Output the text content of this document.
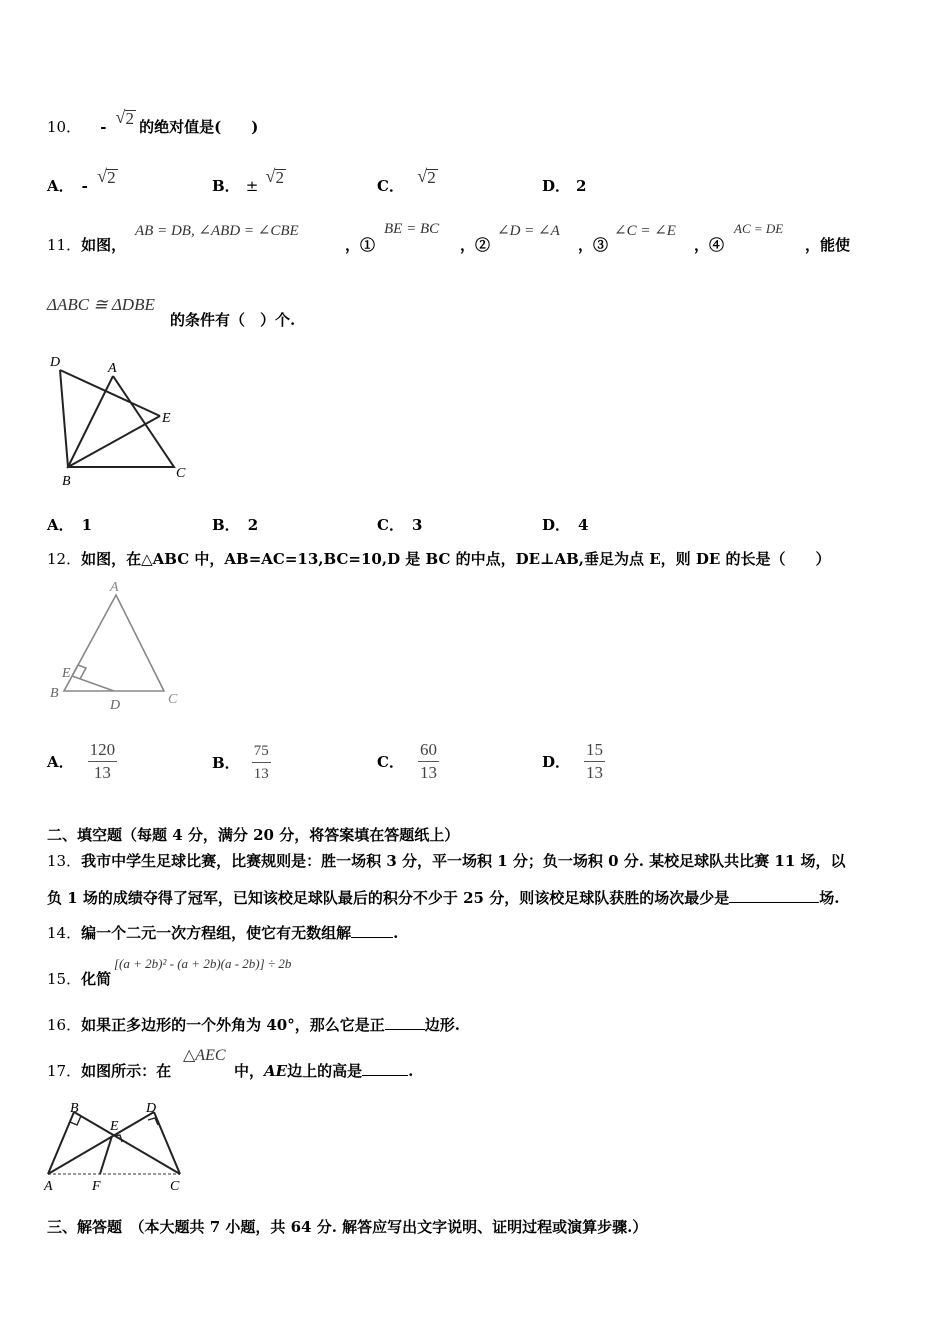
10． - √ 2 的绝对值是(　　)
A． - √ 2	B． ± √ 2	C． √ 2	D． 2
11．如图，
AB = DB, ∠ABD = ∠CBE
，①
BE = BC
，②
∠D = ∠A
，③
∠C = ∠E
，④
AC = DE
，能使
ΔABC ≅ ΔDBE
的条件有（　）个.
D	A
E
B
C
A． 1	B． 2	C． 3	D． 4
12．如图，在△ABC 中，AB=AC=13,BC=10,D 是 BC 的中点，DE⊥AB,垂足为点 E，则 DE 的长是（　　）
A
E
B
D	C
A． $\frac{120}{13}$	B． $\frac{75}{13}$	C． $\frac{60}{13}$	D． $\frac{15}{13}$
二、填空题（每题 4 分，满分 20 分，将答案填在答题纸上）
13．我市中学生足球比赛，比赛规则是：胜一场积 3 分，平一场积 1 分；负一场积 0 分. 某校足球队共比赛 11 场，以
负 1 场的成绩夺得了冠军，已知该校足球队最后的积分不少于 25 分，则该校足球队获胜的场次最少是	场.
14．编一个二元一次方程组，使它有无数组解	.
15．化简
[(a + 2b)² - (a + 2b)(a - 2b)] ÷ 2b
16．如果正多边形的一个外角为 40°，那么它是正	边形.
17．如图所示：在
△AEC
中，AE边上的高是	.
B	D
E
A	F	C
三、解答题　（本大题共 7 小题，共 64 分. 解答应写出文字说明、证明过程或演算步骤.）
